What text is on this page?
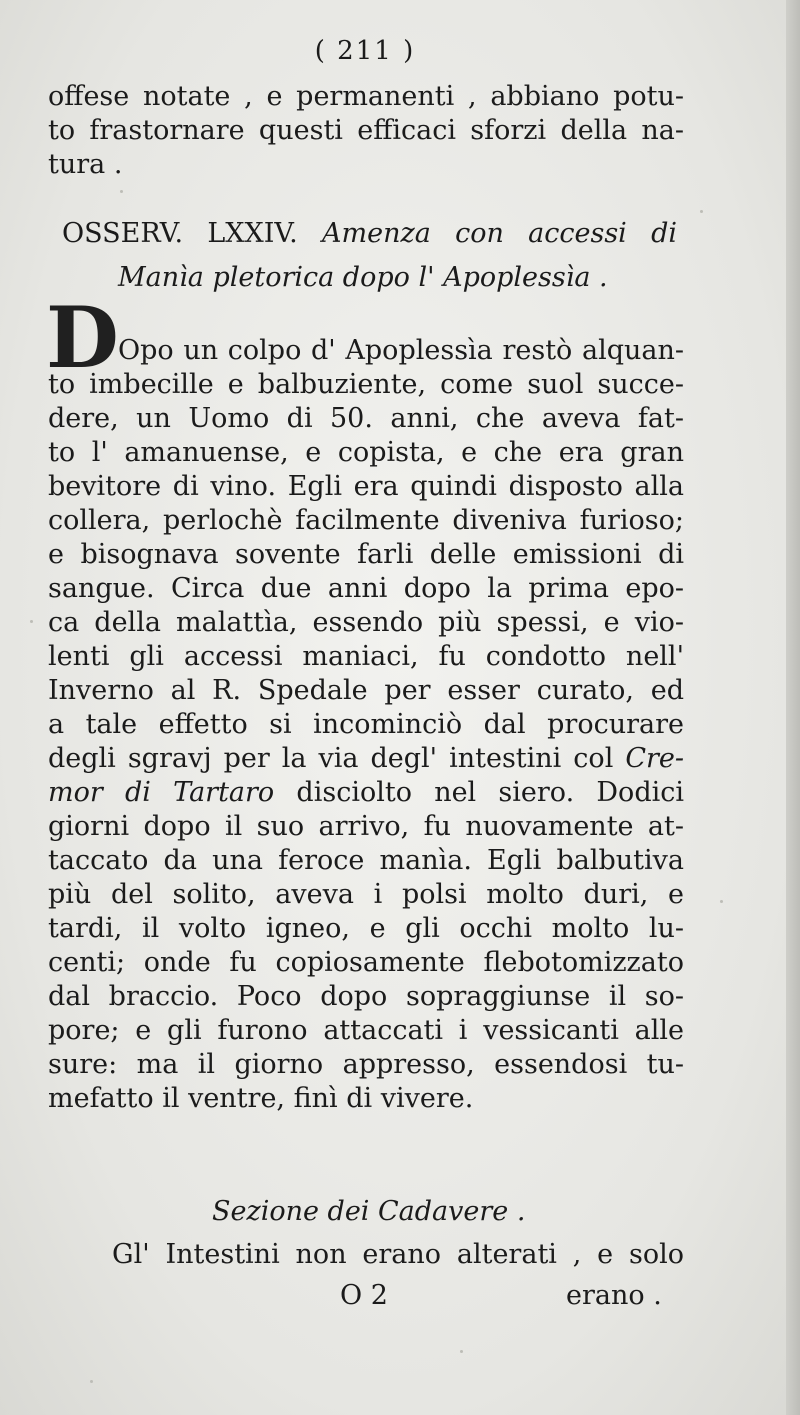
( 211 )
offese notate , e permanenti , abbiano potu-
to frastornare questi efficaci sforzi della na-
tura .
OSSERV. LXXIV. Amenza con accessi di
Manìa pletorica dopo l' Apoplessìa .
D Opo un colpo d' Apoplessìa restò alquan-
to imbecille e balbuziente, come suol succe-
dere, un Uomo di 50. anni, che aveva fat-
to l' amanuense, e copista, e che era gran
bevitore di vino. Egli era quindi disposto alla
collera, perlochè facilmente diveniva furioso;
e bisognava sovente farli delle emissioni di
sangue. Circa due anni dopo la prima epo-
ca della malattìa, essendo più spessi, e vio-
lenti gli accessi maniaci, fu condotto nell'
Inverno al R. Spedale per esser curato, ed
a tale effetto si incominciò dal procurare
degli sgravj per la via degl' intestini col Cre-
mor di Tartaro disciolto nel siero. Dodici
giorni dopo il suo arrivo, fu nuovamente at-
taccato da una feroce manìa. Egli balbutiva
più del solito, aveva i polsi molto duri, e
tardi, il volto igneo, e gli occhi molto lu-
centi; onde fu copiosamente flebotomizzato
dal braccio. Poco dopo sopraggiunse il so-
pore; e gli furono attaccati i vessicanti alle
sure: ma il giorno appresso, essendosi tu-
mefatto il ventre, finì di vivere.
Sezione dei Cadavere .
Gl' Intestini non erano alterati , e solo
O 2	erano .
